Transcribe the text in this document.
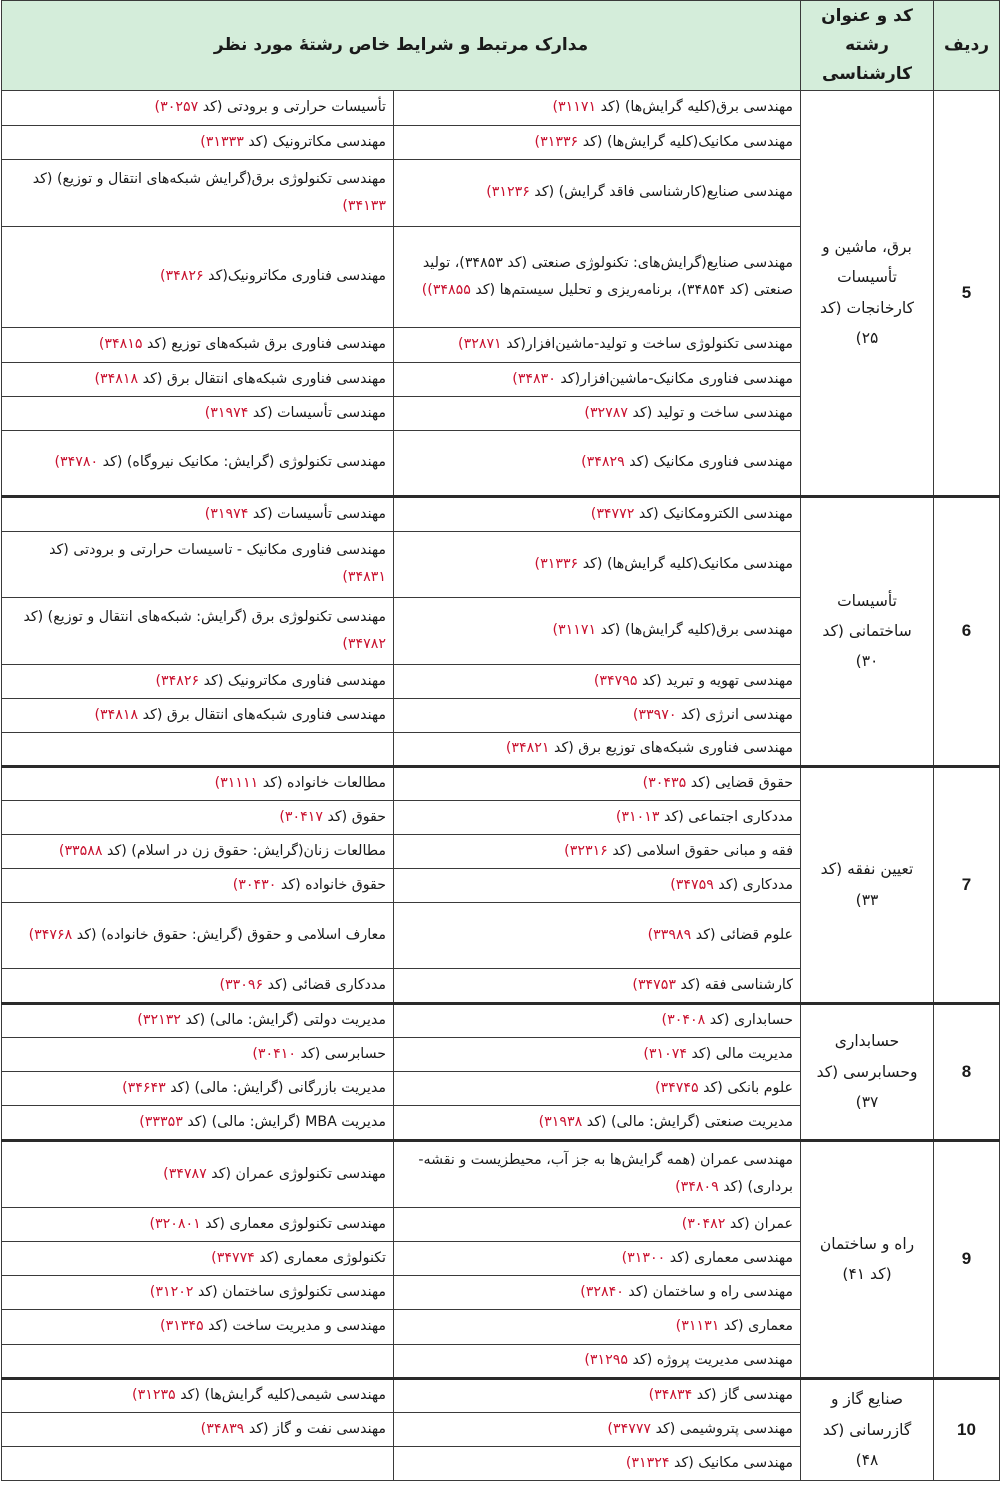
ردیف	کد و عنوان رشته کارشناسی	مدارک مرتبط و شرایط خاص رشتهٔ مورد نظر	
5	برق، ماشین و تأسیسات کارخانجات (کد ۲۵)	مهندسی برق(کلیه گرایش‌ها) (کد ۳۱۱۷۱)	تأسیسات حرارتی و برودتی (کد ۳۰۲۵۷)
		مهندسی مکانیک(کلیه گرایش‌ها) (کد ۳۱۳۳۶)	مهندسی مکاترونیک (کد ۳۱۳۳۳)
		مهندسی صنایع(کارشناسی فاقد گرایش) (کد ۳۱۲۳۶)	مهندسی تکنولوژی برق(گرایش شبکه‌های انتقال و توزیع) (کد ۳۴۱۳۳)
		مهندسی صنایع(گرایش‌های: تکنولوژی صنعتی (کد ۳۴۸۵۳)، تولید صنعتی (کد ۳۴۸۵۴)، برنامه‌ریزی و تحلیل سیستم‌ها (کد ۳۴۸۵۵))	مهندسی فناوری مکاترونیک(کد ۳۴۸۲۶)
		مهندسی تکنولوژی ساخت و تولید-ماشین‌افزار(کد ۳۲۸۷۱)	مهندسی فناوری برق شبکه‌های توزیع (کد ۳۴۸۱۵)
		مهندسی فناوری مکانیک-ماشین‌افزار(کد ۳۴۸۳۰)	مهندسی فناوری شبکه‌های انتقال برق (کد ۳۴۸۱۸)
		مهندسی ساخت و تولید (کد ۳۲۷۸۷)	مهندسی تأسیسات (کد ۳۱۹۷۴)
		مهندسی فناوری مکانیک (کد ۳۴۸۲۹)	مهندسی تکنولوژی (گرایش: مکانیک نیروگاه) (کد ۳۴۷۸۰)
6	تأسیسات ساختمانی (کد ۳۰)	مهندسی الکترومکانیک (کد ۳۴۷۷۲)	مهندسی تأسیسات (کد ۳۱۹۷۴)
		مهندسی مکانیک(کلیه گرایش‌ها) (کد ۳۱۳۳۶)	مهندسی فناوری مکانیک - تاسیسات حرارتی و برودتی (کد ۳۴۸۳۱)
		مهندسی برق(کلیه گرایش‌ها) (کد ۳۱۱۷۱)	مهندسی تکنولوژی برق (گرایش: شبکه‌های انتقال و توزیع) (کد ۳۴۷۸۲)
		مهندسی تهویه و تبرید (کد ۳۴۷۹۵)	مهندسی فناوری مکاترونیک (کد ۳۴۸۲۶)
		مهندسی انرژی (کد ۳۳۹۷۰)	مهندسی فناوری شبکه‌های انتقال برق (کد ۳۴۸۱۸)
		مهندسی فناوری شبکه‌های توزیع برق (کد ۳۴۸۲۱)	
7	تعیین نفقه (کد ۳۳)	حقوق قضایی (کد ۳۰۴۳۵)	مطالعات خانواده (کد ۳۱۱۱۱)
		مددکاری اجتماعی (کد ۳۱۰۱۳)	حقوق (کد ۳۰۴۱۷)
		فقه و مبانی حقوق اسلامی (کد ۳۲۳۱۶)	مطالعات زنان(گرایش: حقوق زن در اسلام) (کد ۳۳۵۸۸)
		مددکاری (کد ۳۴۷۵۹)	حقوق خانواده (کد ۳۰۴۳۰)
		علوم قضائی (کد ۳۳۹۸۹)	معارف اسلامی و حقوق (گرایش: حقوق خانواده) (کد ۳۴۷۶۸)
		کارشناسی فقه (کد ۳۴۷۵۳)	مددکاری قضائی (کد ۳۳۰۹۶)
8	حسابداری وحسابرسی (کد ۳۷)	حسابداری (کد ۳۰۴۰۸)	مدیریت دولتی (گرایش: مالی) (کد ۳۲۱۳۲)
		مدیریت مالی (کد ۳۱۰۷۴)	حسابرسی (کد ۳۰۴۱۰)
		علوم بانکی (کد ۳۴۷۴۵)	مدیریت بازرگانی (گرایش: مالی) (کد ۳۴۶۴۳)
		مدیریت صنعتی (گرایش: مالی) (کد ۳۱۹۳۸)	مدیریت MBA (گرایش: مالی) (کد ۳۳۳۵۳)
9	راه و ساختمان (کد ۴۱)	مهندسی عمران (همه گرایش‌ها به جز آب، محیطزیست و نقشه-برداری) (کد ۳۴۸۰۹)	مهندسی تکنولوژی عمران (کد ۳۴۷۸۷)
		عمران (کد ۳۰۴۸۲)	مهندسی تکنولوژی معماری (کد ۳۲۰۸۰۱)
		مهندسی معماری (کد ۳۱۳۰۰)	تکنولوژی معماری (کد ۳۴۷۷۴)
		مهندسی راه و ساختمان (کد ۳۲۸۴۰)	مهندسی تکنولوژی ساختمان (کد ۳۱۲۰۲)
		معماری (کد ۳۱۱۳۱)	مهندسی و مدیریت ساخت (کد ۳۱۳۴۵)
		مهندسی مدیریت پروژه (کد ۳۱۲۹۵)	
10	صنایع گاز و گازرسانی (کد ۴۸)	مهندسی گاز (کد ۳۴۸۳۴)	مهندسی شیمی(کلیه گرایش‌ها) (کد ۳۱۲۳۵)
		مهندسی پتروشیمی (کد ۳۴۷۷۷)	مهندسی نفت و گاز (کد ۳۴۸۳۹)
		مهندسی مکانیک (کد ۳۱۳۲۴)	
